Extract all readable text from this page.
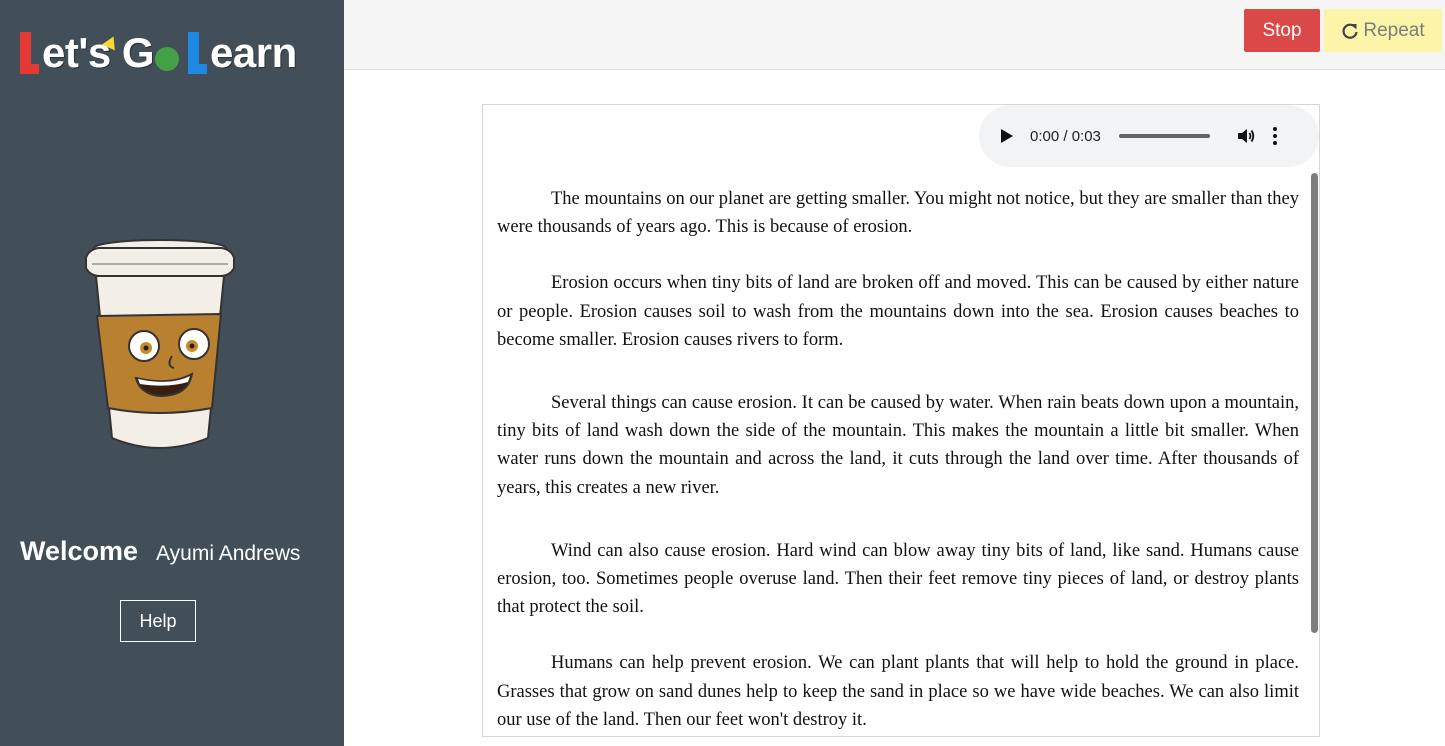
et's G earn
Welcome Ayumi Andrews
Help
Stop	Repeat
0:00 / 0:03

The mountains on our planet are getting smaller. You might not notice, but they are smaller than they were thousands of years ago. This is because of erosion.

Erosion occurs when tiny bits of land are broken off and moved. This can be caused by either nature or people. Erosion causes soil to wash from the mountains down into the sea. Erosion causes beaches to become smaller. Erosion causes rivers to form.

Several things can cause erosion. It can be caused by water. When rain beats down upon a mountain, tiny bits of land wash down the side of the mountain. This makes the mountain a little bit smaller. When water runs down the mountain and across the land, it cuts through the land over time. After thousands of years, this creates a new river.

Wind can also cause erosion. Hard wind can blow away tiny bits of land, like sand. Humans cause erosion, too. Sometimes people overuse land. Then their feet remove tiny pieces of land, or destroy plants that protect the soil.

Humans can help prevent erosion. We can plant plants that will help to hold the ground in place. Grasses that grow on sand dunes help to keep the sand in place so we have wide beaches. We can also limit our use of the land. Then our feet won't destroy it.
